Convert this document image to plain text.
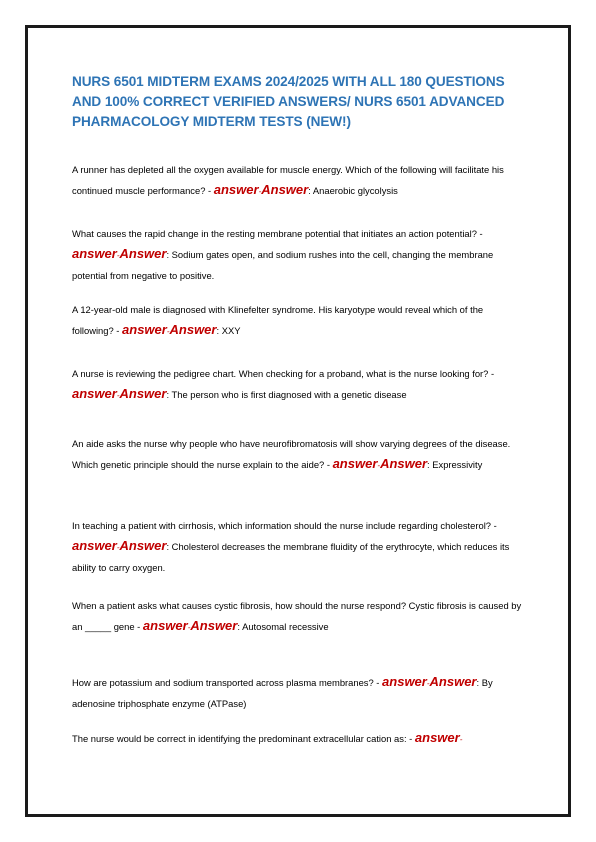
NURS 6501 MIDTERM EXAMS 2024/2025 WITH ALL 180 QUESTIONS AND 100% CORRECT VERIFIED ANSWERS/ NURS 6501 ADVANCED PHARMACOLOGY MIDTERM TESTS (NEW!)

A runner has depleted all the oxygen available for muscle energy. Which of the following will facilitate his continued muscle performance? - answer-Answer: Anaerobic glycolysis

What causes the rapid change in the resting membrane potential that initiates an action potential? - answer-Answer: Sodium gates open, and sodium rushes into the cell, changing the membrane potential from negative to positive.

A 12-year-old male is diagnosed with Klinefelter syndrome. His karyotype would reveal which of the following? - answer-Answer: XXY

A nurse is reviewing the pedigree chart. When checking for a proband, what is the nurse looking for? - answer-Answer: The person who is first diagnosed with a genetic disease

An aide asks the nurse why people who have neurofibromatosis will show varying degrees of the disease. Which genetic principle should the nurse explain to the aide? - answer-Answer: Expressivity

In teaching a patient with cirrhosis, which information should the nurse include regarding cholesterol? - answer-Answer: Cholesterol decreases the membrane fluidity of the erythrocyte, which reduces its ability to carry oxygen.

When a patient asks what causes cystic fibrosis, how should the nurse respond? Cystic fibrosis is caused by an _____ gene - answer-Answer: Autosomal recessive

How are potassium and sodium transported across plasma membranes? - answer-Answer: By adenosine triphosphate enzyme (ATPase)

The nurse would be correct in identifying the predominant extracellular cation as: - answer-
